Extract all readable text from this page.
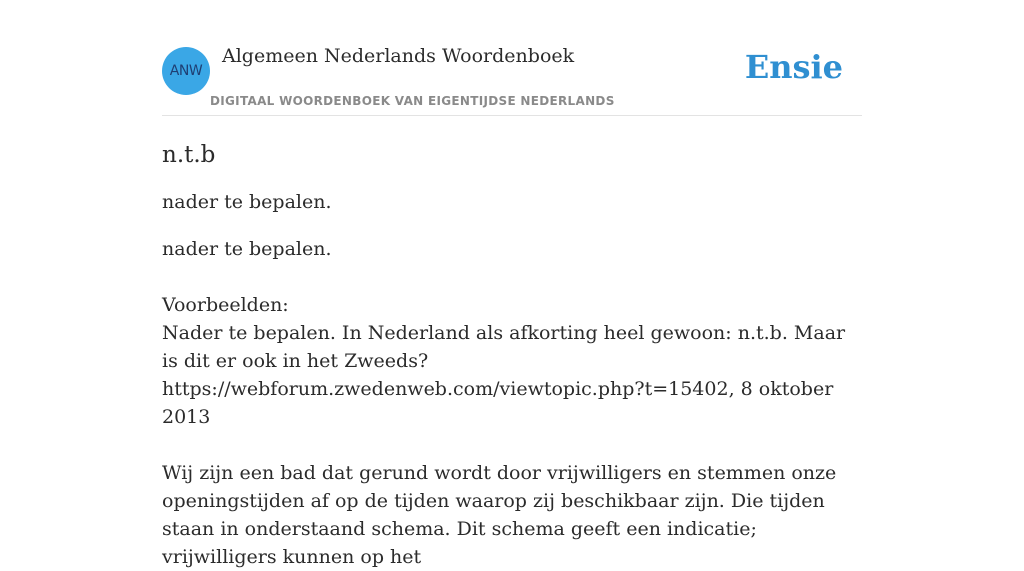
ANW
Algemeen Nederlands Woordenboek
DIGITAAL WOORDENBOEK VAN EIGENTIJDSE NEDERLANDS
Ensie
n.t.b

nader te bepalen.

nader te bepalen.

Voorbeelden:

Nader te bepalen. In Nederland als afkorting heel gewoon: n.t.b. Maar is dit er ook in het Zweeds?

https://webforum.zwedenweb.com/viewtopic.php?t=15402, 8 oktober 2013

Wij zijn een bad dat gerund wordt door vrijwilligers en stemmen onze openingstijden af op de tijden waarop zij beschikbaar zijn. Die tijden staan in onderstaand schema. Dit schema geeft een indicatie; vrijwilligers kunnen op het
